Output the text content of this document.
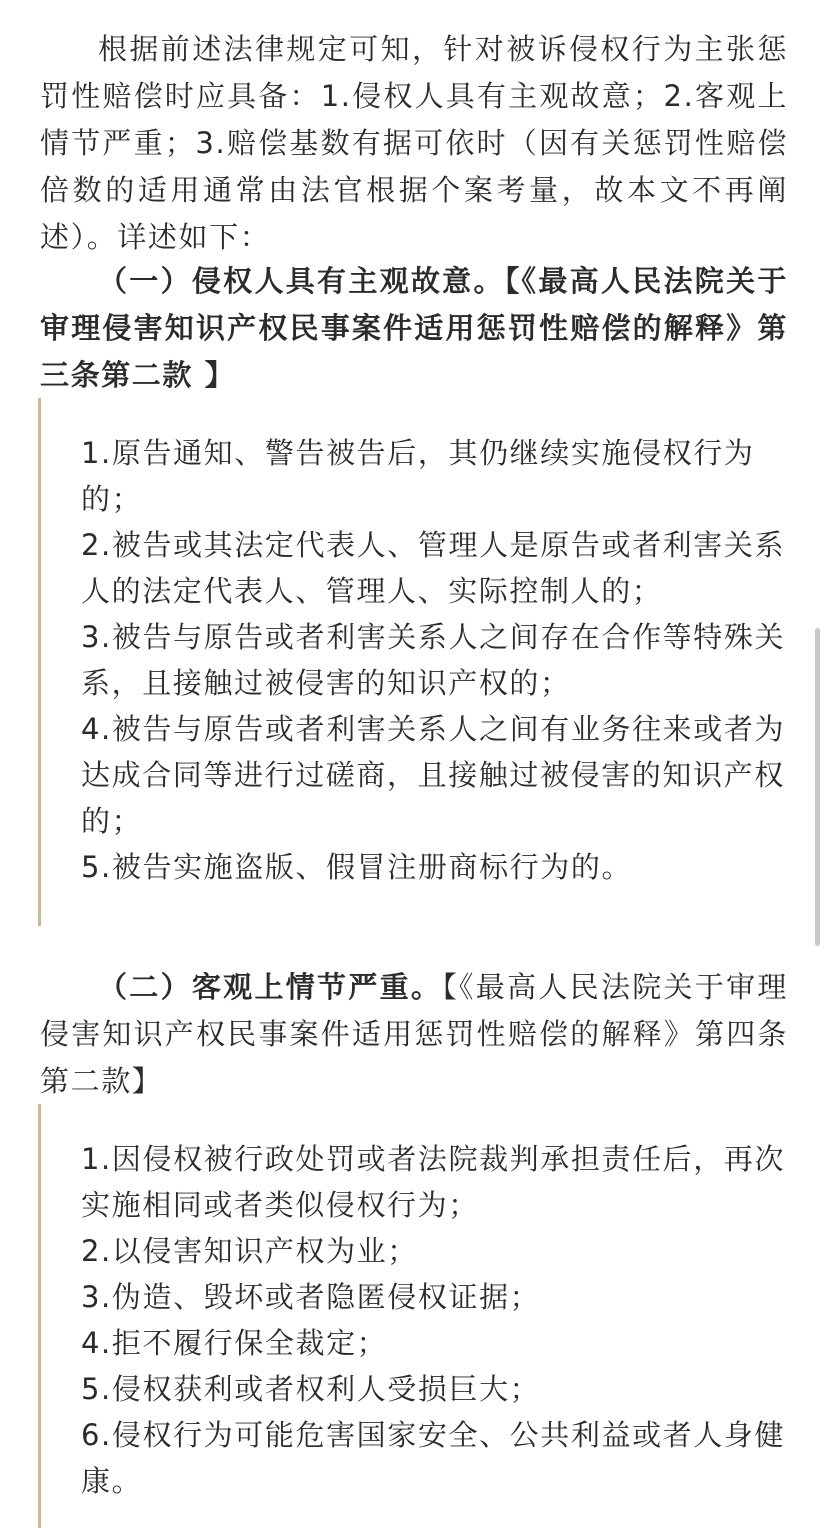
根据前述法律规定可知，针对被诉侵权行为主张惩罚性赔偿时应具备：1.侵权人具有主观故意；2.客观上情节严重；3.赔偿基数有据可依时（因有关惩罚性赔偿倍数的适用通常由法官根据个案考量，故本文不再阐述）。详述如下：

（一）侵权人具有主观故意。【《最高人民法院关于审理侵害知识产权民事案件适用惩罚性赔偿的解释》第三条第二款 】

1.原告通知、警告被告后，其仍继续实施侵权行为的；
2.被告或其法定代表人、管理人是原告或者利害关系人的法定代表人、管理人、实际控制人的；
3.被告与原告或者利害关系人之间存在合作等特殊关系，且接触过被侵害的知识产权的；
4.被告与原告或者利害关系人之间有业务往来或者为达成合同等进行过磋商，且接触过被侵害的知识产权的；
5.被告实施盗版、假冒注册商标行为的。

（二）客观上情节严重。【《最高人民法院关于审理侵害知识产权民事案件适用惩罚性赔偿的解释》第四条第二款】

1.因侵权被行政处罚或者法院裁判承担责任后，再次实施相同或者类似侵权行为；
2.以侵害知识产权为业；
3.伪造、毁坏或者隐匿侵权证据；
4.拒不履行保全裁定；
5.侵权获利或者权利人受损巨大；
6.侵权行为可能危害国家安全、公共利益或者人身健康。
